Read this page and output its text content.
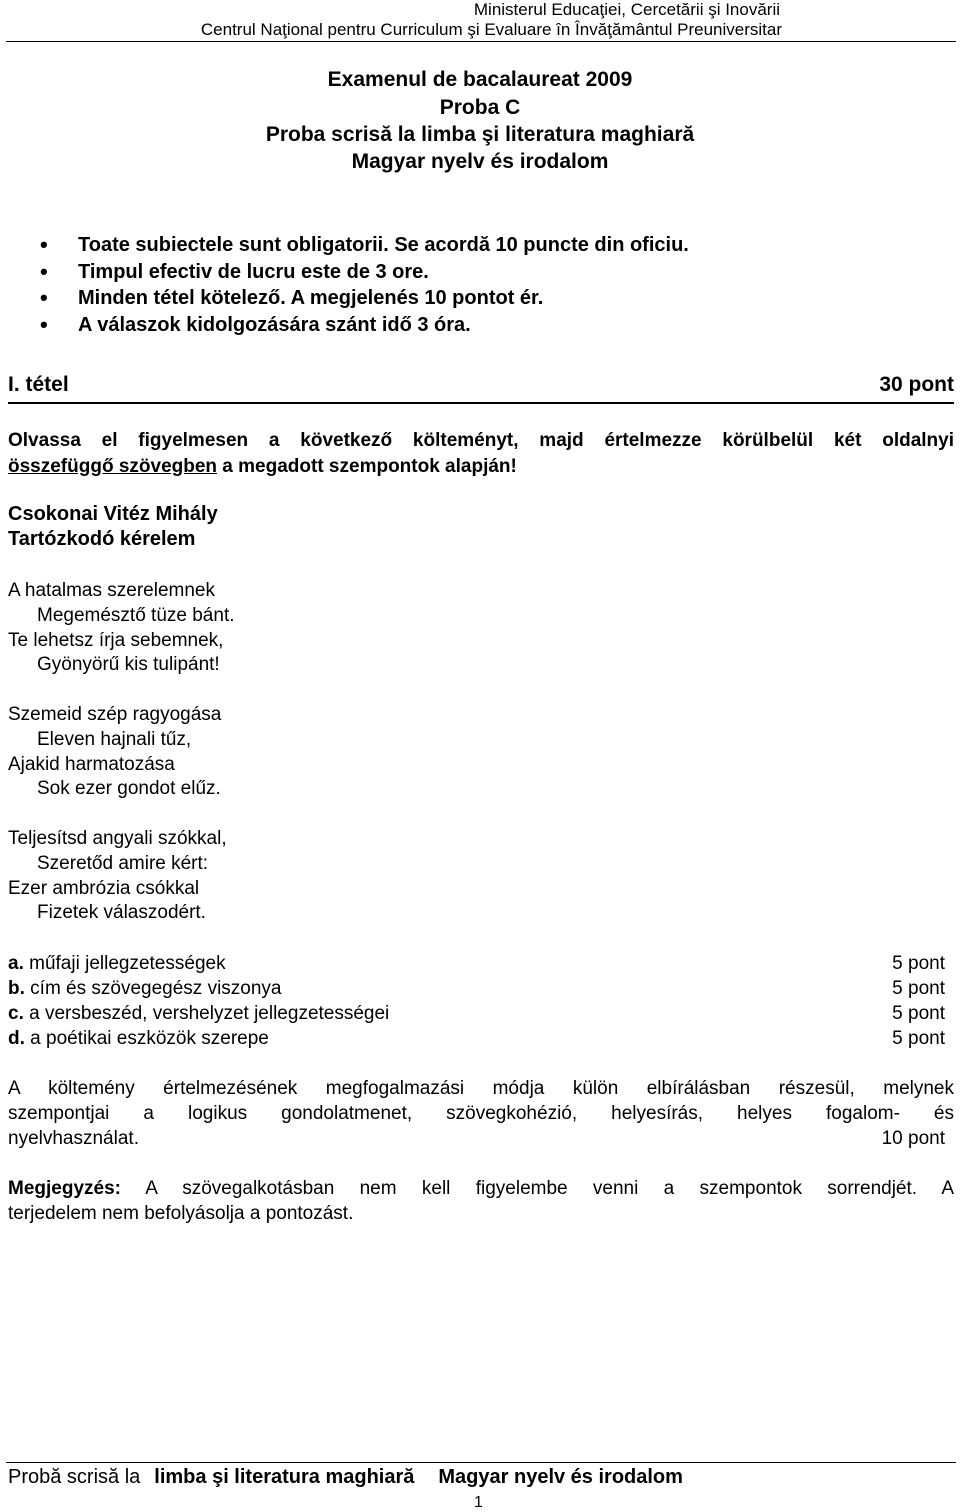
Ministerul Educaţiei, Cercetării şi Inovării
Centrul Naţional pentru Curriculum şi Evaluare în Învăţământul Preuniversitar
Examenul de bacalaureat 2009
Proba C
Proba scrisă la limba şi literatura maghiară
Magyar nyelv és irodalom
• Toate subiectele sunt obligatorii. Se acordă 10 puncte din oficiu.
• Timpul efectiv de lucru este de 3 ore.
• Minden tétel kötelező. A megjelenés 10 pontot ér.
• A válaszok kidolgozására szánt idő 3 óra.
I. tétel	30 pont
Olvassa el figyelmesen a következő költeményt, majd értelmezze körülbelül két oldalnyi
összefüggő szövegben a megadott szempontok alapján!
Csokonai Vitéz Mihály
Tartózkodó kérelem
A hatalmas szerelemnek
Megemésztő tüze bánt.
Te lehetsz írja sebemnek,
Gyönyörű kis tulipánt!
Szemeid szép ragyogása
Eleven hajnali tűz,
Ajakid harmatozása
Sok ezer gondot elűz.
Teljesítsd angyali szókkal,
Szeretőd amire kért:
Ezer ambrózia csókkal
Fizetek válaszodért.
a. műfaji jellegzetességek	5 pont
b. cím és szövegegész viszonya	5 pont
c. a versbeszéd, vershelyzet jellegzetességei	5 pont
d. a poétikai eszközök szerepe	5 pont
A költemény értelmezésének megfogalmazási módja külön elbírálásban részesül, melynek
szempontjai a logikus gondolatmenet, szövegkohézió, helyesírás, helyes fogalom- és
nyelvhasználat.	10 pont
Megjegyzés: A szövegalkotásban nem kell figyelembe venni a szempontok sorrendjét. A
terjedelem nem befolyásolja a pontozást.
Probă scrisă la limba şi literatura maghiară Magyar nyelv és irodalom
1
